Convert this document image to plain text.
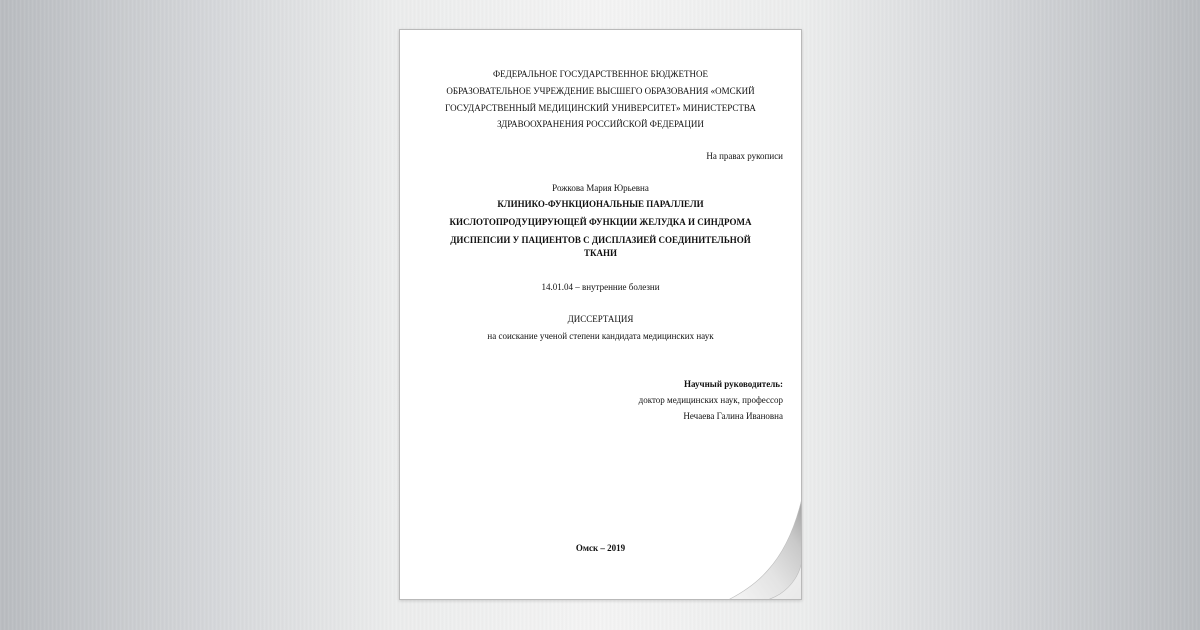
ФЕДЕРАЛЬНОЕ ГОСУДАРСТВЕННОЕ БЮДЖЕТНОЕ
ОБРАЗОВАТЕЛЬНОЕ УЧРЕЖДЕНИЕ ВЫСШЕГО ОБРАЗОВАНИЯ «ОМСКИЙ
ГОСУДАРСТВЕННЫЙ МЕДИЦИНСКИЙ УНИВЕРСИТЕТ» МИНИСТЕРСТВА
ЗДРАВООХРАНЕНИЯ РОССИЙСКОЙ ФЕДЕРАЦИИ
На правах рукописи
Рожкова Мария Юрьевна
КЛИНИКО-ФУНКЦИОНАЛЬНЫЕ ПАРАЛЛЕЛИ
КИСЛОТОПРОДУЦИРУЮЩЕЙ ФУНКЦИИ ЖЕЛУДКА И СИНДРОМА
ДИСПЕПСИИ У ПАЦИЕНТОВ С ДИСПЛАЗИЕЙ СОЕДИНИТЕЛЬНОЙ
ТКАНИ
14.01.04 – внутренние болезни
ДИССЕРТАЦИЯ
на соискание ученой степени кандидата медицинских наук
Научный руководитель:
доктор медицинских наук, профессор
Нечаева Галина Ивановна
Омск – 2019
